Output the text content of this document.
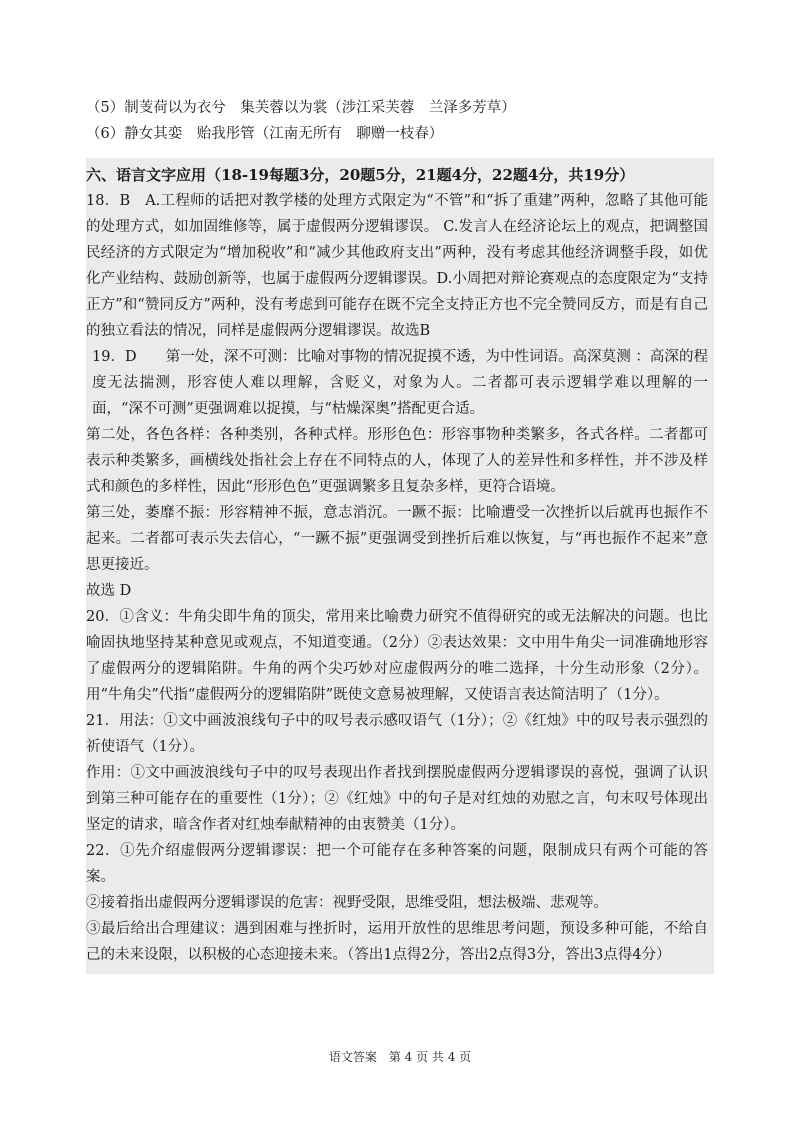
（5）制芰荷以为衣兮　集芙蓉以为裳（涉江采芙蓉　兰泽多芳草）
（6）静女其娈　贻我彤管（江南无所有　聊赠一枝春）
六、语言文字应用（18-19每题3分，20题5分，21题4分，22题4分，共19分）

18．B　A.工程师的话把对教学楼的处理方式限定为“不管”和“拆了重建”两种，忽略了其他可能的处理方式，如加固维修等，属于虚假两分逻辑谬误。 C.发言人在经济论坛上的观点，把调整国民经济的方式限定为“增加税收”和“减少其他政府支出”两种，没有考虑其他经济调整手段，如优化产业结构、鼓励创新等，也属于虚假两分逻辑谬误。D.小周把对辩论赛观点的态度限定为“支持正方”和“赞同反方”两种，没有考虑到可能存在既不完全支持正方也不完全赞同反方，而是有自己的独立看法的情况，同样是虚假两分逻辑谬误。故选B

19．D　　第一处，深不可测：比喻对事物的情况捉摸不透，为中性词语。高深莫测 ：高深的程度无法揣测，形容使人难以理解，含贬义，对象为人。二者都可表示逻辑学难以理解的一面，“深不可测”更强调难以捉摸，与“枯燥深奥”搭配更合适。

第二处，各色各样：各种类别，各种式样。形形色色：形容事物种类繁多，各式各样。二者都可表示种类繁多，画横线处指社会上存在不同特点的人，体现了人的差异性和多样性，并不涉及样式和颜色的多样性，因此“形形色色”更强调繁多且复杂多样，更符合语境。

第三处，萎靡不振：形容精神不振，意志消沉。一蹶不振：比喻遭受一次挫折以后就再也振作不起来。二者都可表示失去信心，“一蹶不振”更强调受到挫折后难以恢复，与“再也振作不起来”意思更接近。

故选 D

20．①含义：牛角尖即牛角的顶尖，常用来比喻费力研究不值得研究的或无法解决的问题。也比喻固执地坚持某种意见或观点，不知道变通。（2分）②表达效果：文中用牛角尖一词准确地形容了虚假两分的逻辑陷阱。牛角的两个尖巧妙对应虚假两分的唯二选择，十分生动形象（2分）。用“牛角尖”代指“虚假两分的逻辑陷阱”既使文意易被理解，又使语言表达简洁明了（1分）。

21．用法：①文中画波浪线句子中的叹号表示感叹语气（1分）；②《红烛》中的叹号表示强烈的祈使语气（1分）。

作用：①文中画波浪线句子中的叹号表现出作者找到摆脱虚假两分逻辑谬误的喜悦，强调了认识到第三种可能存在的重要性（1分）；②《红烛》中的句子是对红烛的劝慰之言，句末叹号体现出坚定的请求，暗含作者对红烛奉献精神的由衷赞美（1分）。

22．①先介绍虚假两分逻辑谬误：把一个可能存在多种答案的问题，限制成只有两个可能的答案。

②接着指出虚假两分逻辑谬误的危害：视野受限，思维受阻，想法极端、悲观等。

③最后给出合理建议：遇到困难与挫折时，运用开放性的思维思考问题，预设多种可能，不给自己的未来设限，以积极的心态迎接未来。（答出1点得2分，答出2点得3分，答出3点得4分）

语文答案　第 4 页 共 4 页
